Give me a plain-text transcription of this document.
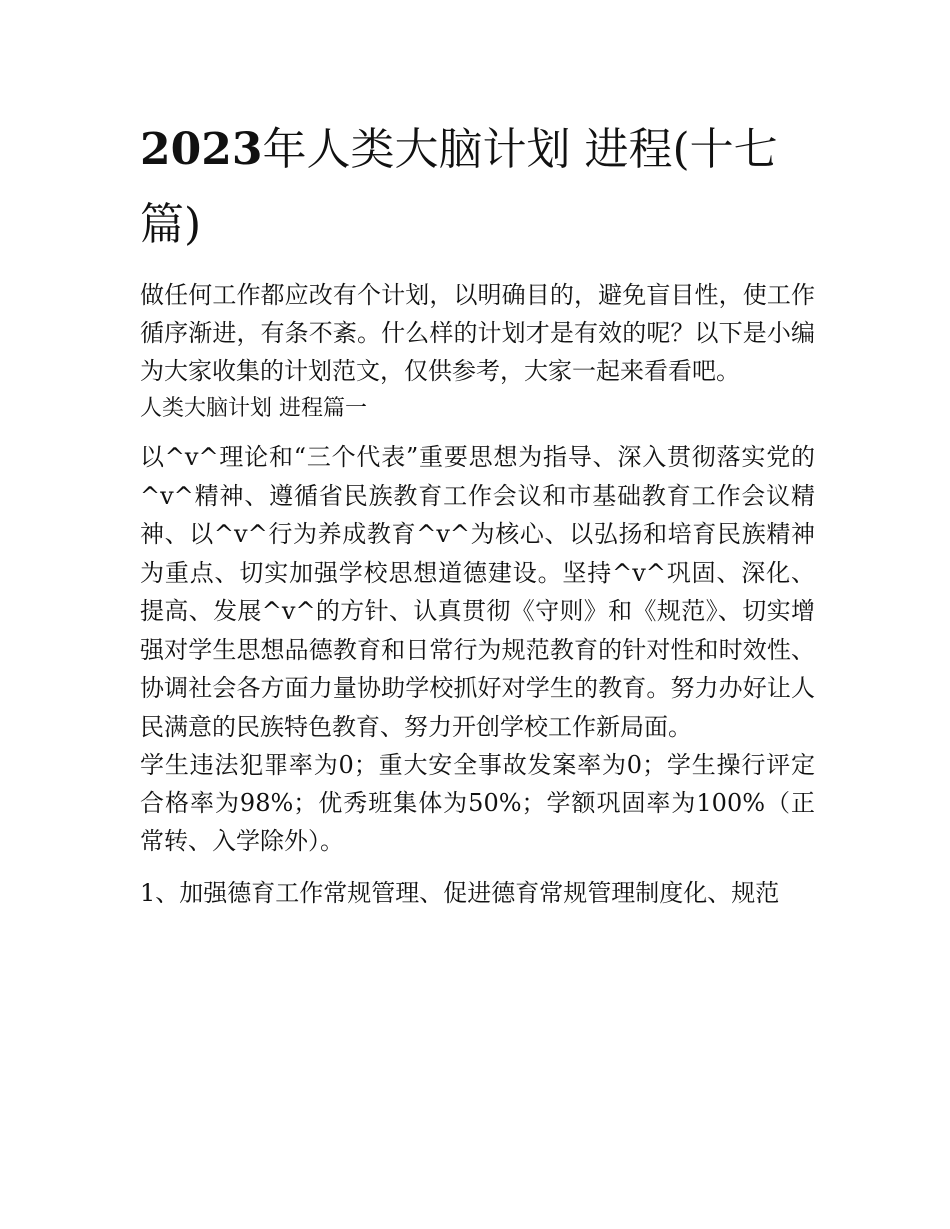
2023年人类大脑计划 进程(十七篇)

做任何工作都应改有个计划，以明确目的，避免盲目性，使工作循序渐进，有条不紊。什么样的计划才是有效的呢？以下是小编为大家收集的计划范文，仅供参考，大家一起来看看吧。

人类大脑计划 进程篇一

以^v^理论和“三个代表”重要思想为指导、深入贯彻落实党的^v^精神、遵循省民族教育工作会议和市基础教育工作会议精神、以^v^行为养成教育^v^为核心、以弘扬和培育民族精神为重点、切实加强学校思想道德建设。坚持^v^巩固、深化、提高、发展^v^的方针、认真贯彻《守则》和《规范》、切实增强对学生思想品德教育和日常行为规范教育的针对性和时效性、协调社会各方面力量协助学校抓好对学生的教育。努力办好让人民满意的民族特色教育、努力开创学校工作新局面。

学生违法犯罪率为0；重大安全事故发案率为0；学生操行评定合格率为98%；优秀班集体为50%；学额巩固率为100%（正常转、入学除外）。

1、加强德育工作常规管理、促进德育常规管理制度化、规范
